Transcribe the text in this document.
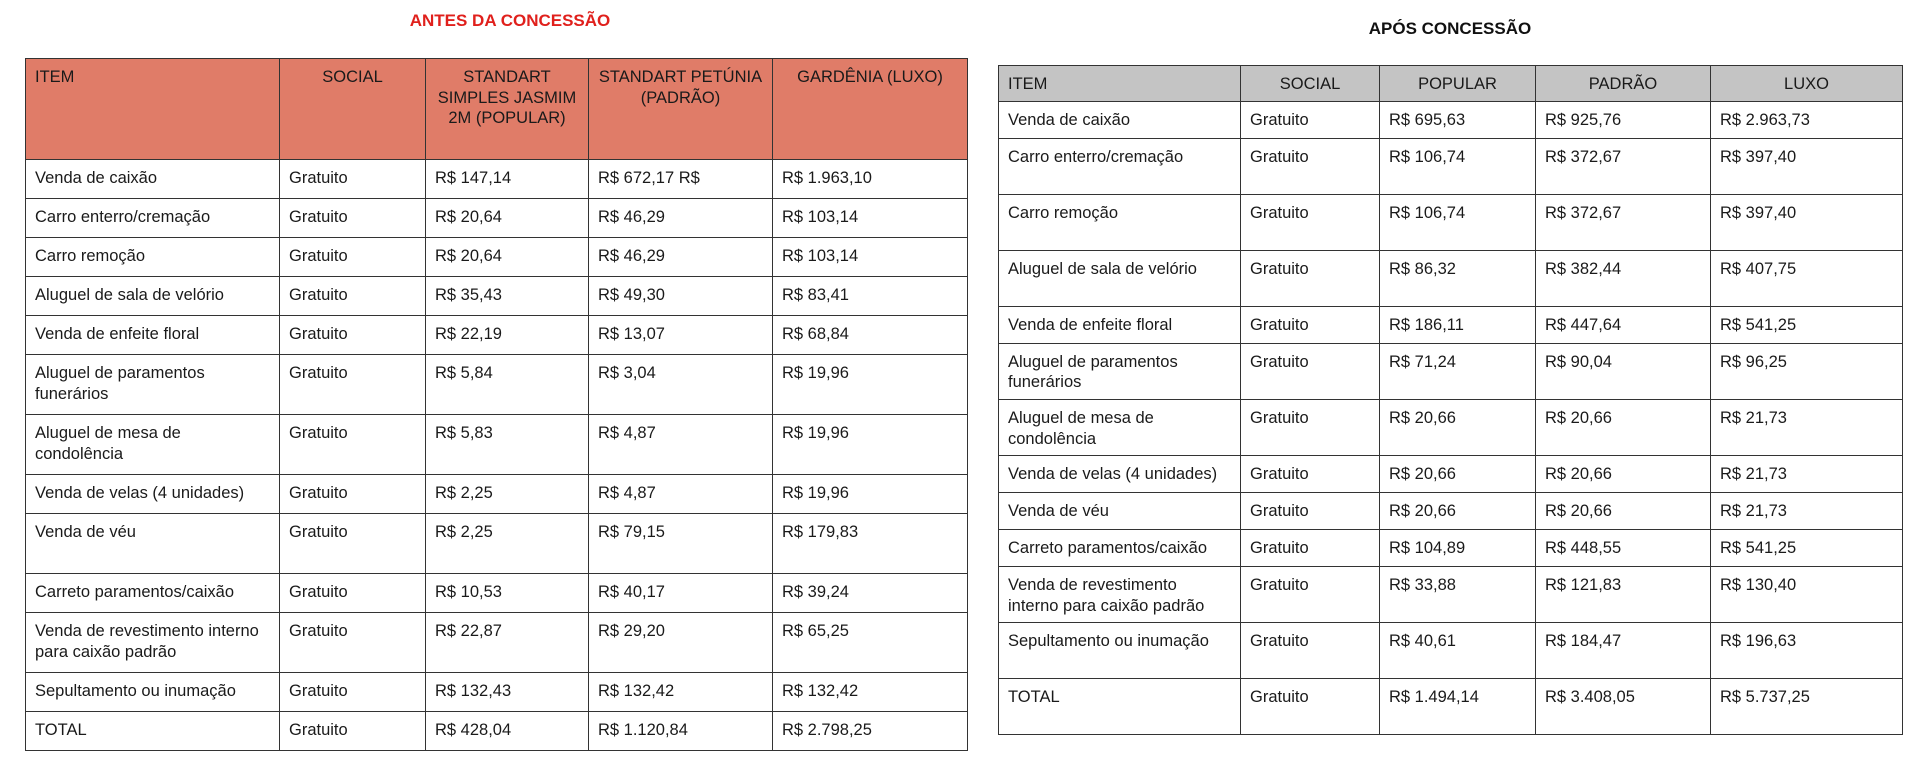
ANTES DA CONCESSÃO	APÓS CONCESSÃO
ITEM	SOCIAL	STANDART SIMPLES JASMIM 2M (POPULAR)	STANDART PETÚNIA (PADRÃO)	GARDÊNIA (LUXO)
Venda de caixão	Gratuito	R$ 147,14	R$ 672,17 R$	R$ 1.963,10
Carro enterro/cremação	Gratuito	R$ 20,64	R$ 46,29	R$ 103,14
Carro remoção	Gratuito	R$ 20,64	R$ 46,29	R$ 103,14
Aluguel de sala de velório	Gratuito	R$ 35,43	R$ 49,30	R$ 83,41
Venda de enfeite floral	Gratuito	R$ 22,19	R$ 13,07	R$ 68,84
Aluguel de paramentos funerários	Gratuito	R$ 5,84	R$ 3,04	R$ 19,96
Aluguel de mesa de condolência	Gratuito	R$ 5,83	R$ 4,87	R$ 19,96
Venda de velas (4 unidades)	Gratuito	R$ 2,25	R$ 4,87	R$ 19,96
Venda de véu	Gratuito	R$ 2,25	R$ 79,15	R$ 179,83
Carreto paramentos/caixão	Gratuito	R$ 10,53	R$ 40,17	R$ 39,24
Venda de revestimento interno para caixão padrão	Gratuito	R$ 22,87	R$ 29,20	R$ 65,25
Sepultamento ou inumação	Gratuito	R$ 132,43	R$ 132,42	R$ 132,42
TOTAL	Gratuito	R$ 428,04	R$ 1.120,84	R$ 2.798,25
ITEM	SOCIAL	POPULAR	PADRÃO	LUXO
Venda de caixão	Gratuito	R$ 695,63	R$ 925,76	R$ 2.963,73
Carro enterro/cremação	Gratuito	R$ 106,74	R$ 372,67	R$ 397,40
Carro remoção	Gratuito	R$ 106,74	R$ 372,67	R$ 397,40
Aluguel de sala de velório	Gratuito	R$ 86,32	R$ 382,44	R$ 407,75
Venda de enfeite floral	Gratuito	R$ 186,11	R$ 447,64	R$ 541,25
Aluguel de paramentos funerários	Gratuito	R$ 71,24	R$ 90,04	R$ 96,25
Aluguel de mesa de condolência	Gratuito	R$ 20,66	R$ 20,66	R$ 21,73
Venda de velas (4 unidades)	Gratuito	R$ 20,66	R$ 20,66	R$ 21,73
Venda de véu	Gratuito	R$ 20,66	R$ 20,66	R$ 21,73
Carreto paramentos/caixão	Gratuito	R$ 104,89	R$ 448,55	R$ 541,25
Venda de revestimento interno para caixão padrão	Gratuito	R$ 33,88	R$ 121,83	R$ 130,40
Sepultamento ou inumação	Gratuito	R$ 40,61	R$ 184,47	R$ 196,63
TOTAL	Gratuito	R$ 1.494,14	R$ 3.408,05	R$ 5.737,25
